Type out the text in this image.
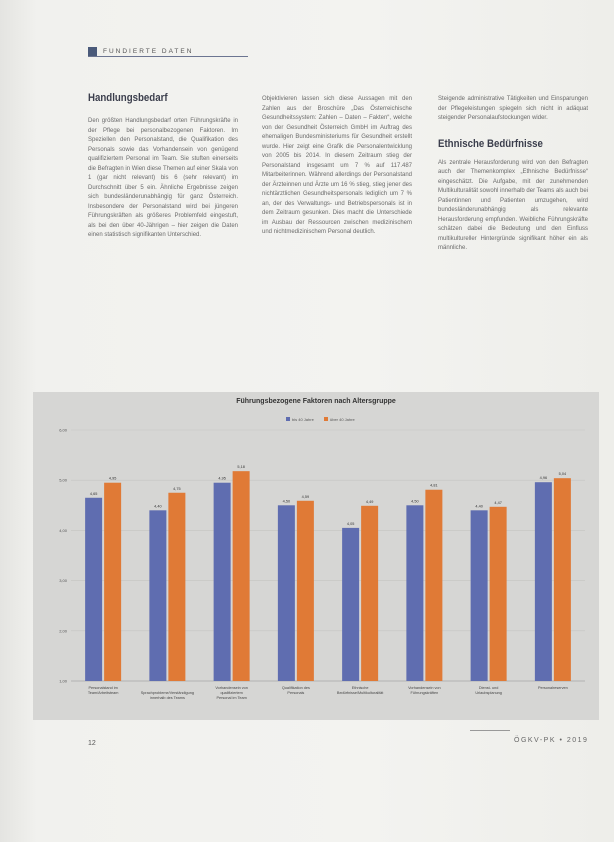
FUNDIERTE DATEN
Handlungsbedarf

Den größten Handlungsbedarf orten Führungskräfte in der Pflege bei personalbezogenen Faktoren. Im Speziellen den Personalstand, die Qualifikation des Personals sowie das Vorhandensein von genügend qualifiziertem Personal im Team. Sie stuften einerseits die Befragten in Wien diese Themen auf einer Skala von 1 (gar nicht relevant) bis 6 (sehr relevant) im Durchschnitt über 5 ein. Ähnliche Ergebnisse zeigen sich bundesländerunabhängig für ganz Österreich. Insbesondere der Personalstand wird bei jüngeren Führungskräften als größeres Problemfeld eingestuft, als bei den über 40-Jährigen – hier zeigen die Daten einen statistisch signifikanten Unterschied.

Objektivieren lassen sich diese Aussagen mit den Zahlen aus der Broschüre „Das Österreichische Gesundheitssystem: Zahlen – Daten – Fakten“, welche von der Gesundheit Österreich GmbH im Auftrag des ehemaligen Bundesministeriums für Gesundheit erstellt wurde. Hier zeigt eine Grafik die Personalentwicklung von 2005 bis 2014. In diesem Zeitraum stieg der Personalstand insgesamt um 7 % auf 117.487 Mitarbeiterinnen. Während allerdings der Personalstand der Ärzteinnen und Ärzte um 16 % stieg, stieg jener des nichtärztlichen Gesundheitspersonals lediglich um 7 % an, der des Verwaltungs- und Betriebspersonals ist in dem Zeitraum gesunken. Dies macht die Unterschiede im Ausbau der Ressourcen zwischen medizinischem und nichtmedizinischem Personal deutlich.

Steigende administrative Tätigkeiten und Einsparungen der Pflegeleistungen spiegeln sich nicht in adäquat steigender Personalaufstockungen wider.

Ethnische Bedürfnisse

Als zentrale Herausforderung wird von den Befragten auch der Themenkomplex „Ethnische Bedürfnisse“ eingeschätzt. Die Aufgabe, mit der zunehmenden Multikulturalität sowohl innerhalb der Teams als auch bei Patientinnen und Patienten umzugehen, wird bundesländerunabhängig als relevante Herausforderung empfunden. Weibliche Führungskräfte schätzen dabei die Bedeutung und den Einfluss multikultureller Hintergründe signifikant höher ein als männliche.

Führungsbezogene Faktoren nach Altersgruppe
bis 40 Jahre	über 40 Jahre
1,00
2,00
3,00
4,00
5,00
6,00
4,65
4,95
Personalstand im Team/Arbeitsteam
4,40
4,75
Sprachprobleme/Verständigung innerhalb des Teams
4,95
5,18
Vorhandensein von qualifiziertem Personal im Team
4,50
4,59
Qualifikation des Personals
4,05
4,49
Ethnische Bedürfnisse/Multikulturalität
4,50
4,81
Vorhandensein von Führungskräften
4,40
4,47
Dienst- und Urlaubsplanung
4,96
5,04
Personalreserven
12	ÖGKV-PK • 2019
